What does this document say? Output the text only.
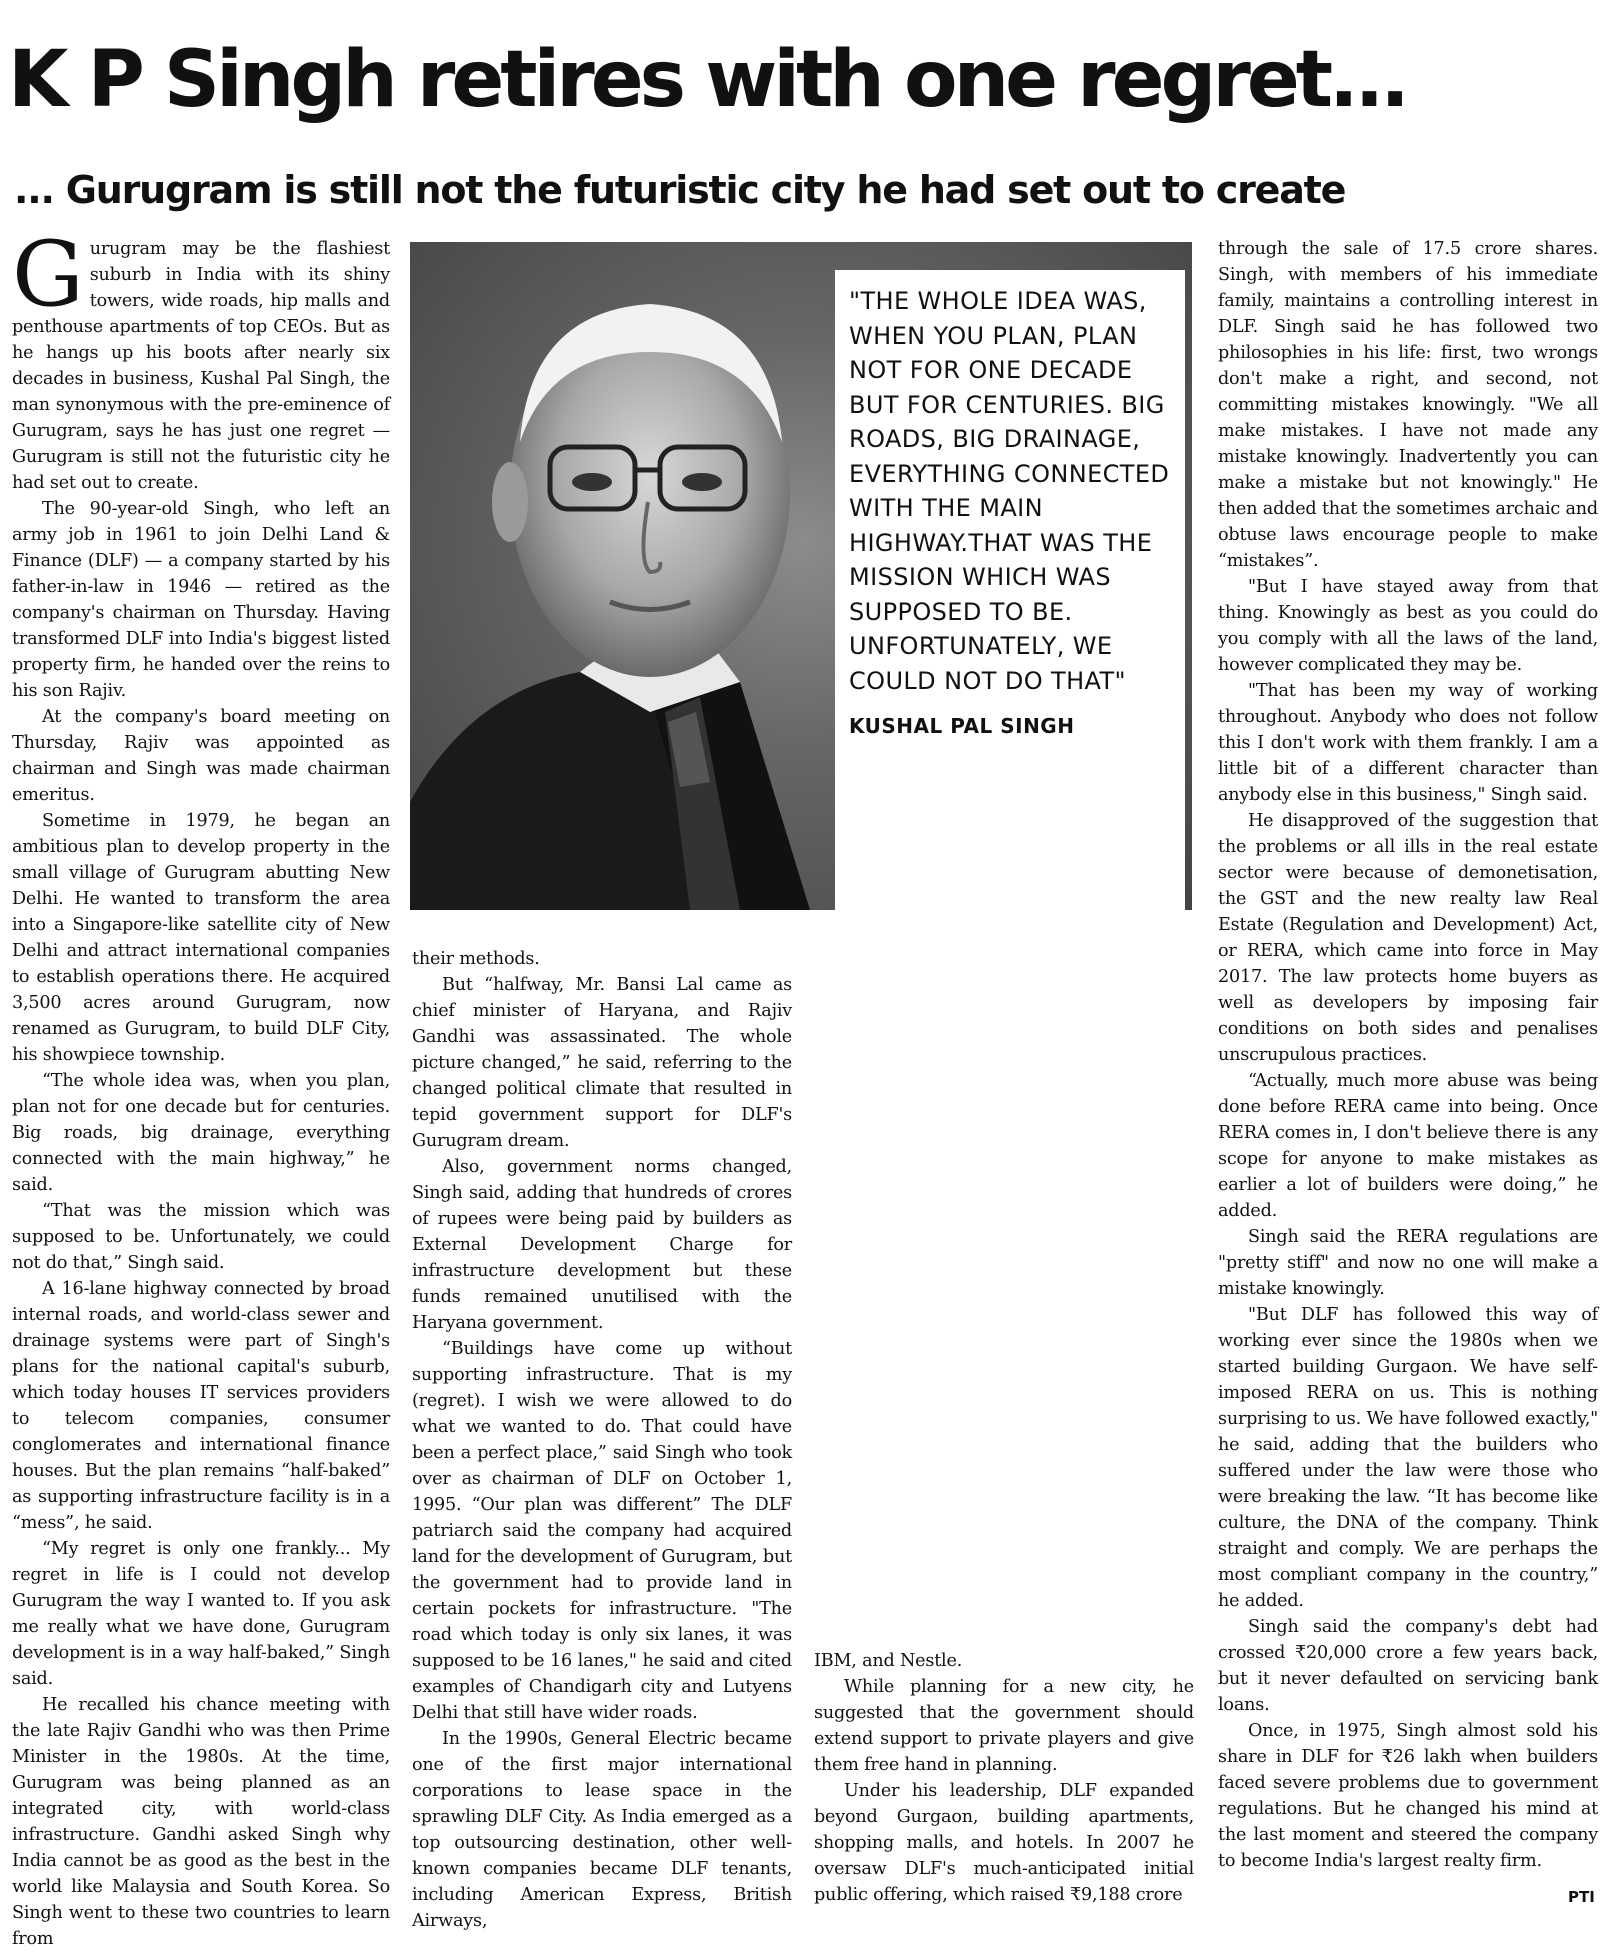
K P Singh retires with one regret...
... Gurugram is still not the futuristic city he had set out to create

Gurugram may be the flashiest suburb in India with its shiny towers, wide roads, hip malls and penthouse apartments of top CEOs. But as he hangs up his boots after nearly six decades in business, Kushal Pal Singh, the man synonymous with the pre-eminence of Gurugram, says he has just one regret — Gurugram is still not the futuristic city he had set out to create.

The 90-year-old Singh, who left an army job in 1961 to join Delhi Land & Finance (DLF) — a company started by his father-in-law in 1946 — retired as the company's chairman on Thursday. Having transformed DLF into India's biggest listed property firm, he handed over the reins to his son Rajiv.

At the company's board meeting on Thursday, Rajiv was appointed as chairman and Singh was made chairman emeritus.

Sometime in 1979, he began an ambitious plan to develop property in the small village of Gurugram abutting New Delhi. He wanted to transform the area into a Singapore-like satellite city of New Delhi and attract international companies to establish operations there. He acquired 3,500 acres around Gurugram, now renamed as Gurugram, to build DLF City, his showpiece township.

“The whole idea was, when you plan, plan not for one decade but for centuries. Big roads, big drainage, everything connected with the main highway,” he said.

“That was the mission which was supposed to be. Unfortunately, we could not do that,” Singh said.

A 16-lane highway connected by broad internal roads, and world-class sewer and drainage systems were part of Singh's plans for the national capital's suburb, which today houses IT services providers to telecom companies, consumer conglomerates and international finance houses. But the plan remains “half-baked” as supporting infrastructure facility is in a “mess”, he said.

“My regret is only one frankly... My regret in life is I could not develop Gurugram the way I wanted to. If you ask me really what we have done, Gurugram development is in a way half-baked,” Singh said.

He recalled his chance meeting with the late Rajiv Gandhi who was then Prime Minister in the 1980s. At the time, Gurugram was being planned as an integrated city, with world-class infrastructure. Gandhi asked Singh why India cannot be as good as the best in the world like Malaysia and South Korea. So Singh went to these two countries to learn from

"THE WHOLE IDEA WAS, WHEN YOU PLAN, PLAN NOT FOR ONE DECADE BUT FOR CENTURIES. BIG ROADS, BIG DRAINAGE, EVERYTHING CONNECTED WITH THE MAIN HIGHWAY.THAT WAS THE MISSION WHICH WAS SUPPOSED TO BE. UNFORTUNATELY, WE COULD NOT DO THAT"
KUSHAL PAL SINGH

their methods.

But “halfway, Mr. Bansi Lal came as chief minister of Haryana, and Rajiv Gandhi was assassinated. The whole picture changed,” he said, referring to the changed political climate that resulted in tepid government support for DLF's Gurugram dream.

Also, government norms changed, Singh said, adding that hundreds of crores of rupees were being paid by builders as External Development Charge for infrastructure development but these funds remained unutilised with the Haryana government.

“Buildings have come up without supporting infrastructure. That is my (regret). I wish we were allowed to do what we wanted to do. That could have been a perfect place,” said Singh who took over as chairman of DLF on October 1, 1995. “Our plan was different” The DLF patriarch said the company had acquired land for the development of Gurugram, but the government had to provide land in certain pockets for infrastructure. "The road which today is only six lanes, it was supposed to be 16 lanes," he said and cited examples of Chandigarh city and Lutyens Delhi that still have wider roads.

In the 1990s, General Electric became one of the first major international corporations to lease space in the sprawling DLF City. As India emerged as a top outsourcing destination, other well-known companies became DLF tenants, including American Express, British Airways,

IBM, and Nestle.

While planning for a new city, he suggested that the government should extend support to private players and give them free hand in planning.

Under his leadership, DLF expanded beyond Gurgaon, building apartments, shopping malls, and hotels. In 2007 he oversaw DLF's much-anticipated initial public offering, which raised ₹9,188 crore

through the sale of 17.5 crore shares. Singh, with members of his immediate family, maintains a controlling interest in DLF. Singh said he has followed two philosophies in his life: first, two wrongs don't make a right, and second, not committing mistakes knowingly. "We all make mistakes. I have not made any mistake knowingly. Inadvertently you can make a mistake but not knowingly." He then added that the sometimes archaic and obtuse laws encourage people to make “mistakes”.

"But I have stayed away from that thing. Knowingly as best as you could do you comply with all the laws of the land, however complicated they may be.

"That has been my way of working throughout. Anybody who does not follow this I don't work with them frankly. I am a little bit of a different character than anybody else in this business," Singh said.

He disapproved of the suggestion that the problems or all ills in the real estate sector were because of demonetisation, the GST and the new realty law Real Estate (Regulation and Development) Act, or RERA, which came into force in May 2017. The law protects home buyers as well as developers by imposing fair conditions on both sides and penalises unscrupulous practices.

“Actually, much more abuse was being done before RERA came into being. Once RERA comes in, I don't believe there is any scope for anyone to make mistakes as earlier a lot of builders were doing,” he added.

Singh said the RERA regulations are "pretty stiff" and now no one will make a mistake knowingly.

"But DLF has followed this way of working ever since the 1980s when we started building Gurgaon. We have self-imposed RERA on us. This is nothing surprising to us. We have followed exactly," he said, adding that the builders who suffered under the law were those who were breaking the law. “It has become like culture, the DNA of the company. Think straight and comply. We are perhaps the most compliant company in the country,” he added.

Singh said the company's debt had crossed ₹20,000 crore a few years back, but it never defaulted on servicing bank loans.

Once, in 1975, Singh almost sold his share in DLF for ₹26 lakh when builders faced severe problems due to government regulations. But he changed his mind at the last moment and steered the company to become India's largest realty firm.

PTI
